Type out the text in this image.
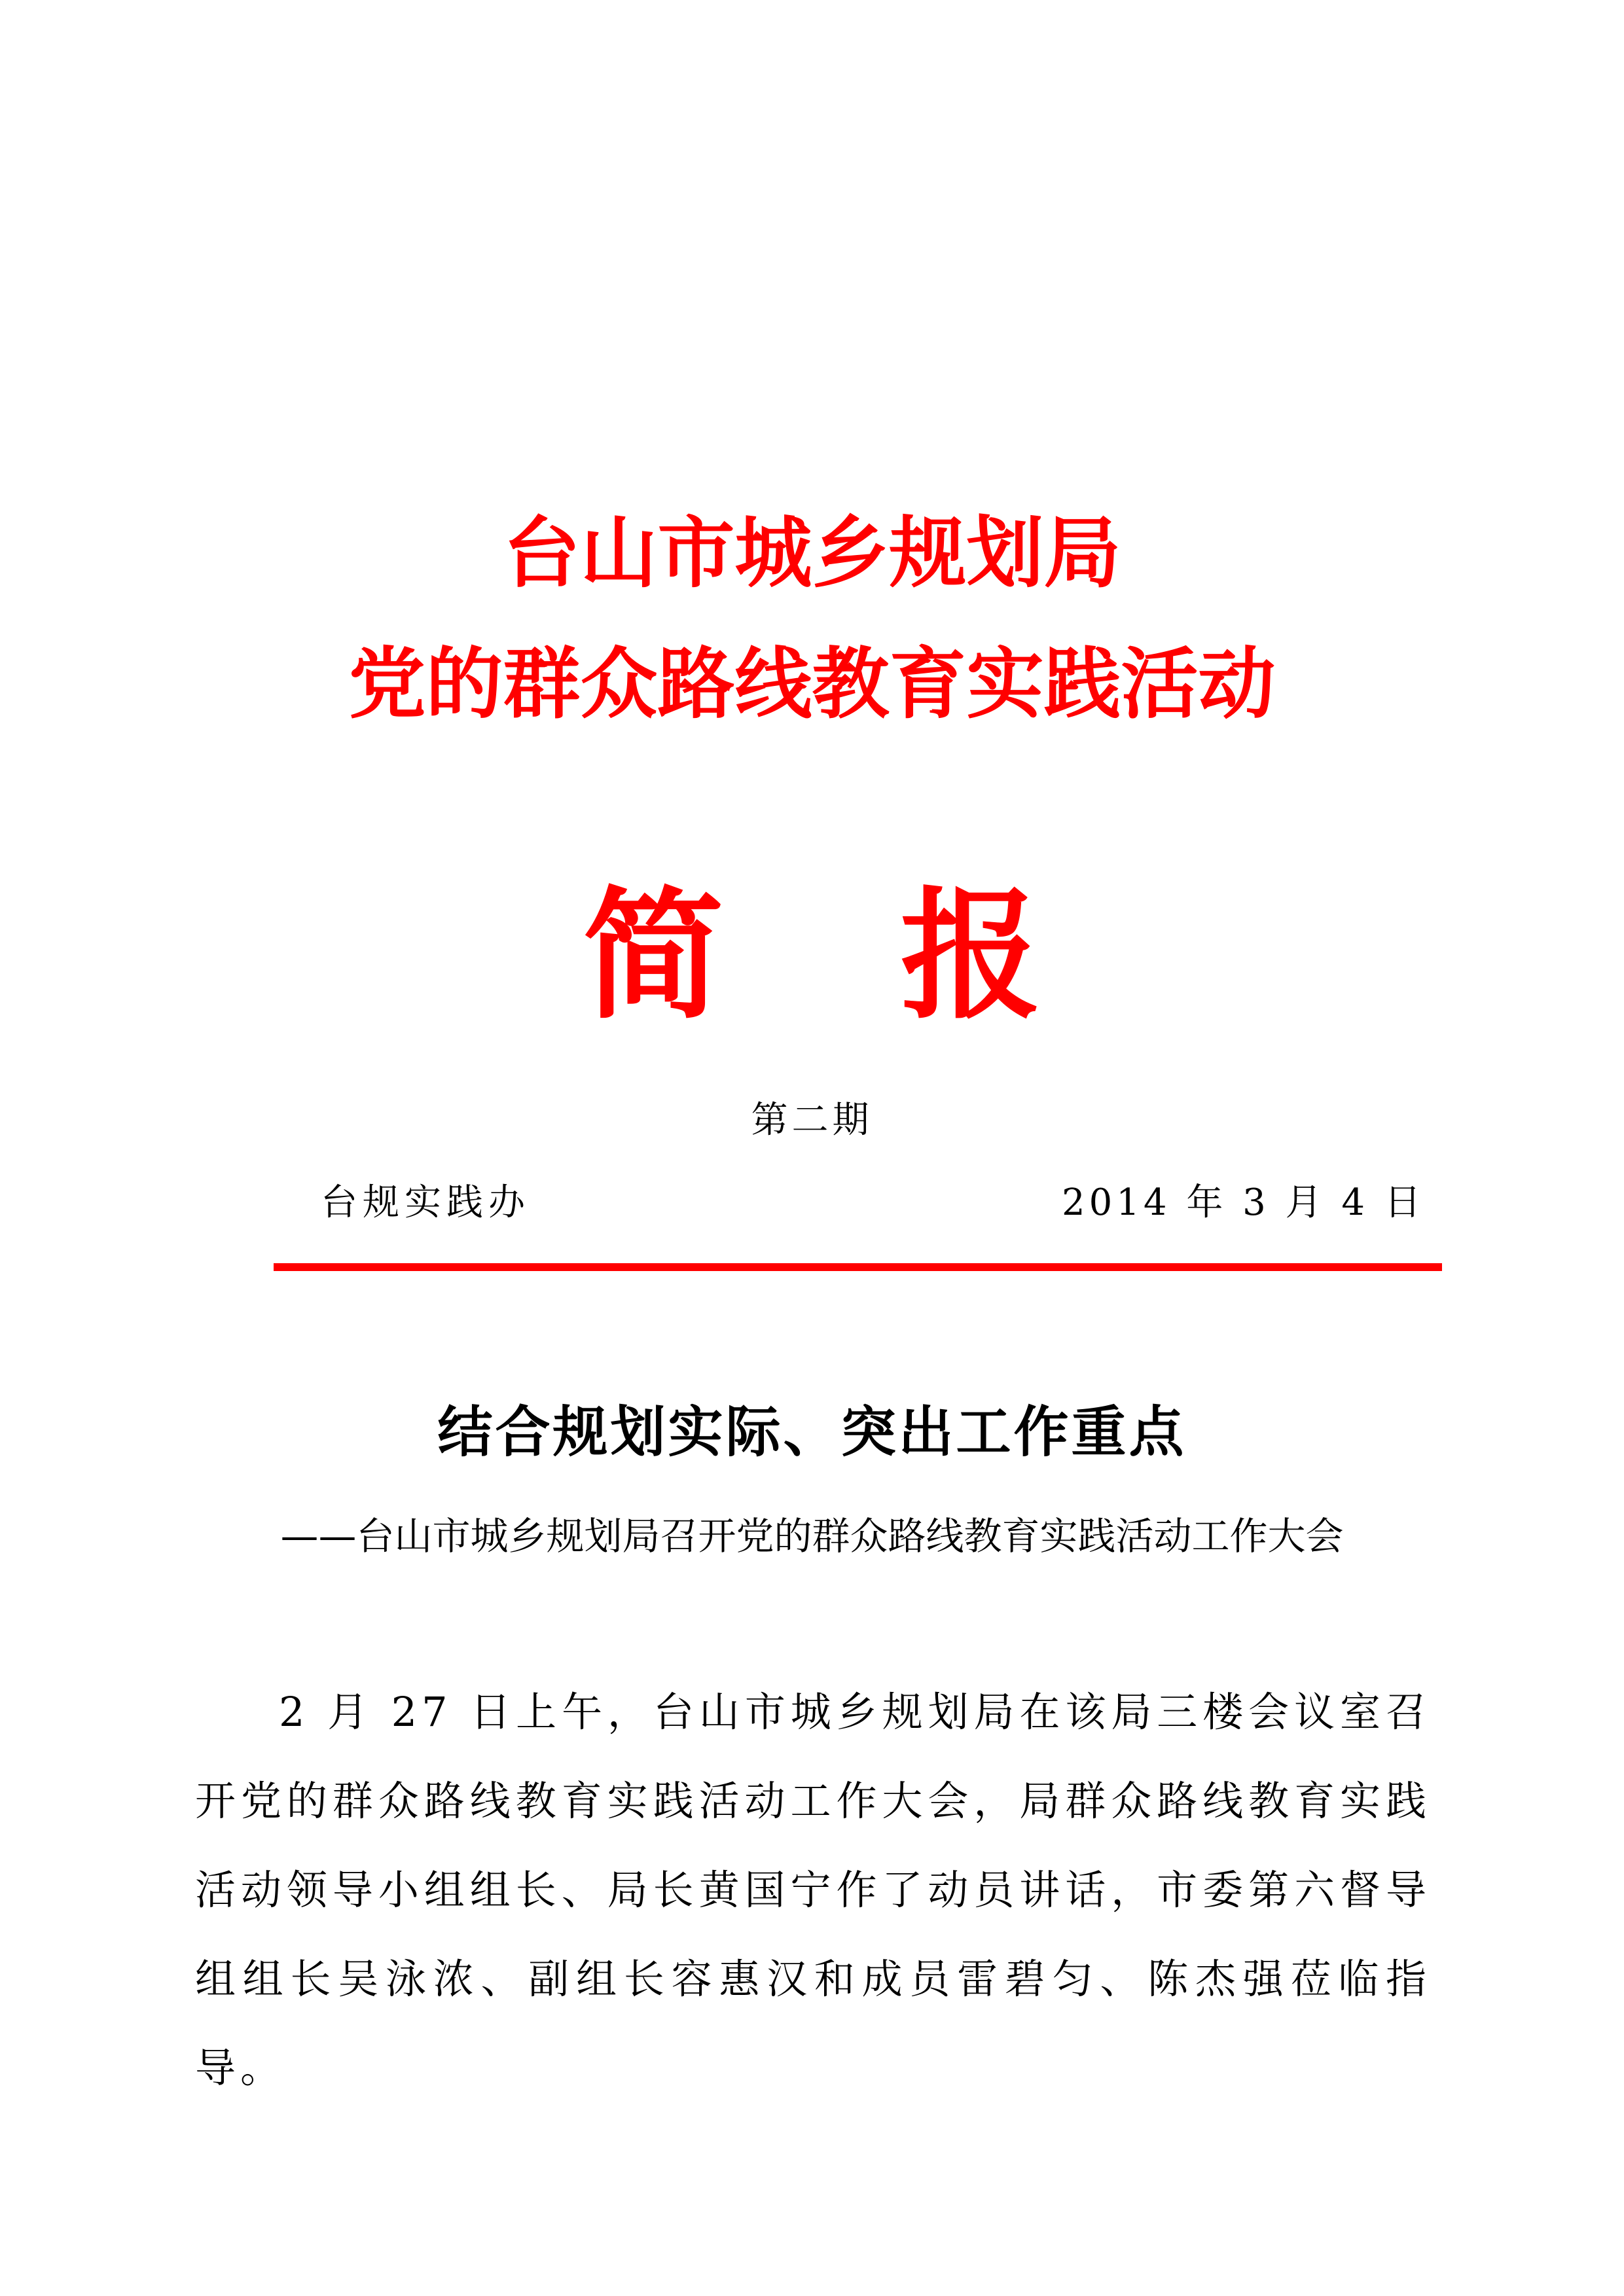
台山市城乡规划局
党的群众路线教育实践活动
简 报
第二期
台规实践办	2014 年 3 月 4 日
结合规划实际、突出工作重点
——台山市城乡规划局召开党的群众路线教育实践活动工作大会

2 月 27 日上午，台山市城乡规划局在该局三楼会议室召开党的群众路线教育实践活动工作大会，局群众路线教育实践活动领导小组组长、局长黄国宁作了动员讲话，市委第六督导组组长吴泳浓、副组长容惠汉和成员雷碧匀、陈杰强莅临指导。
